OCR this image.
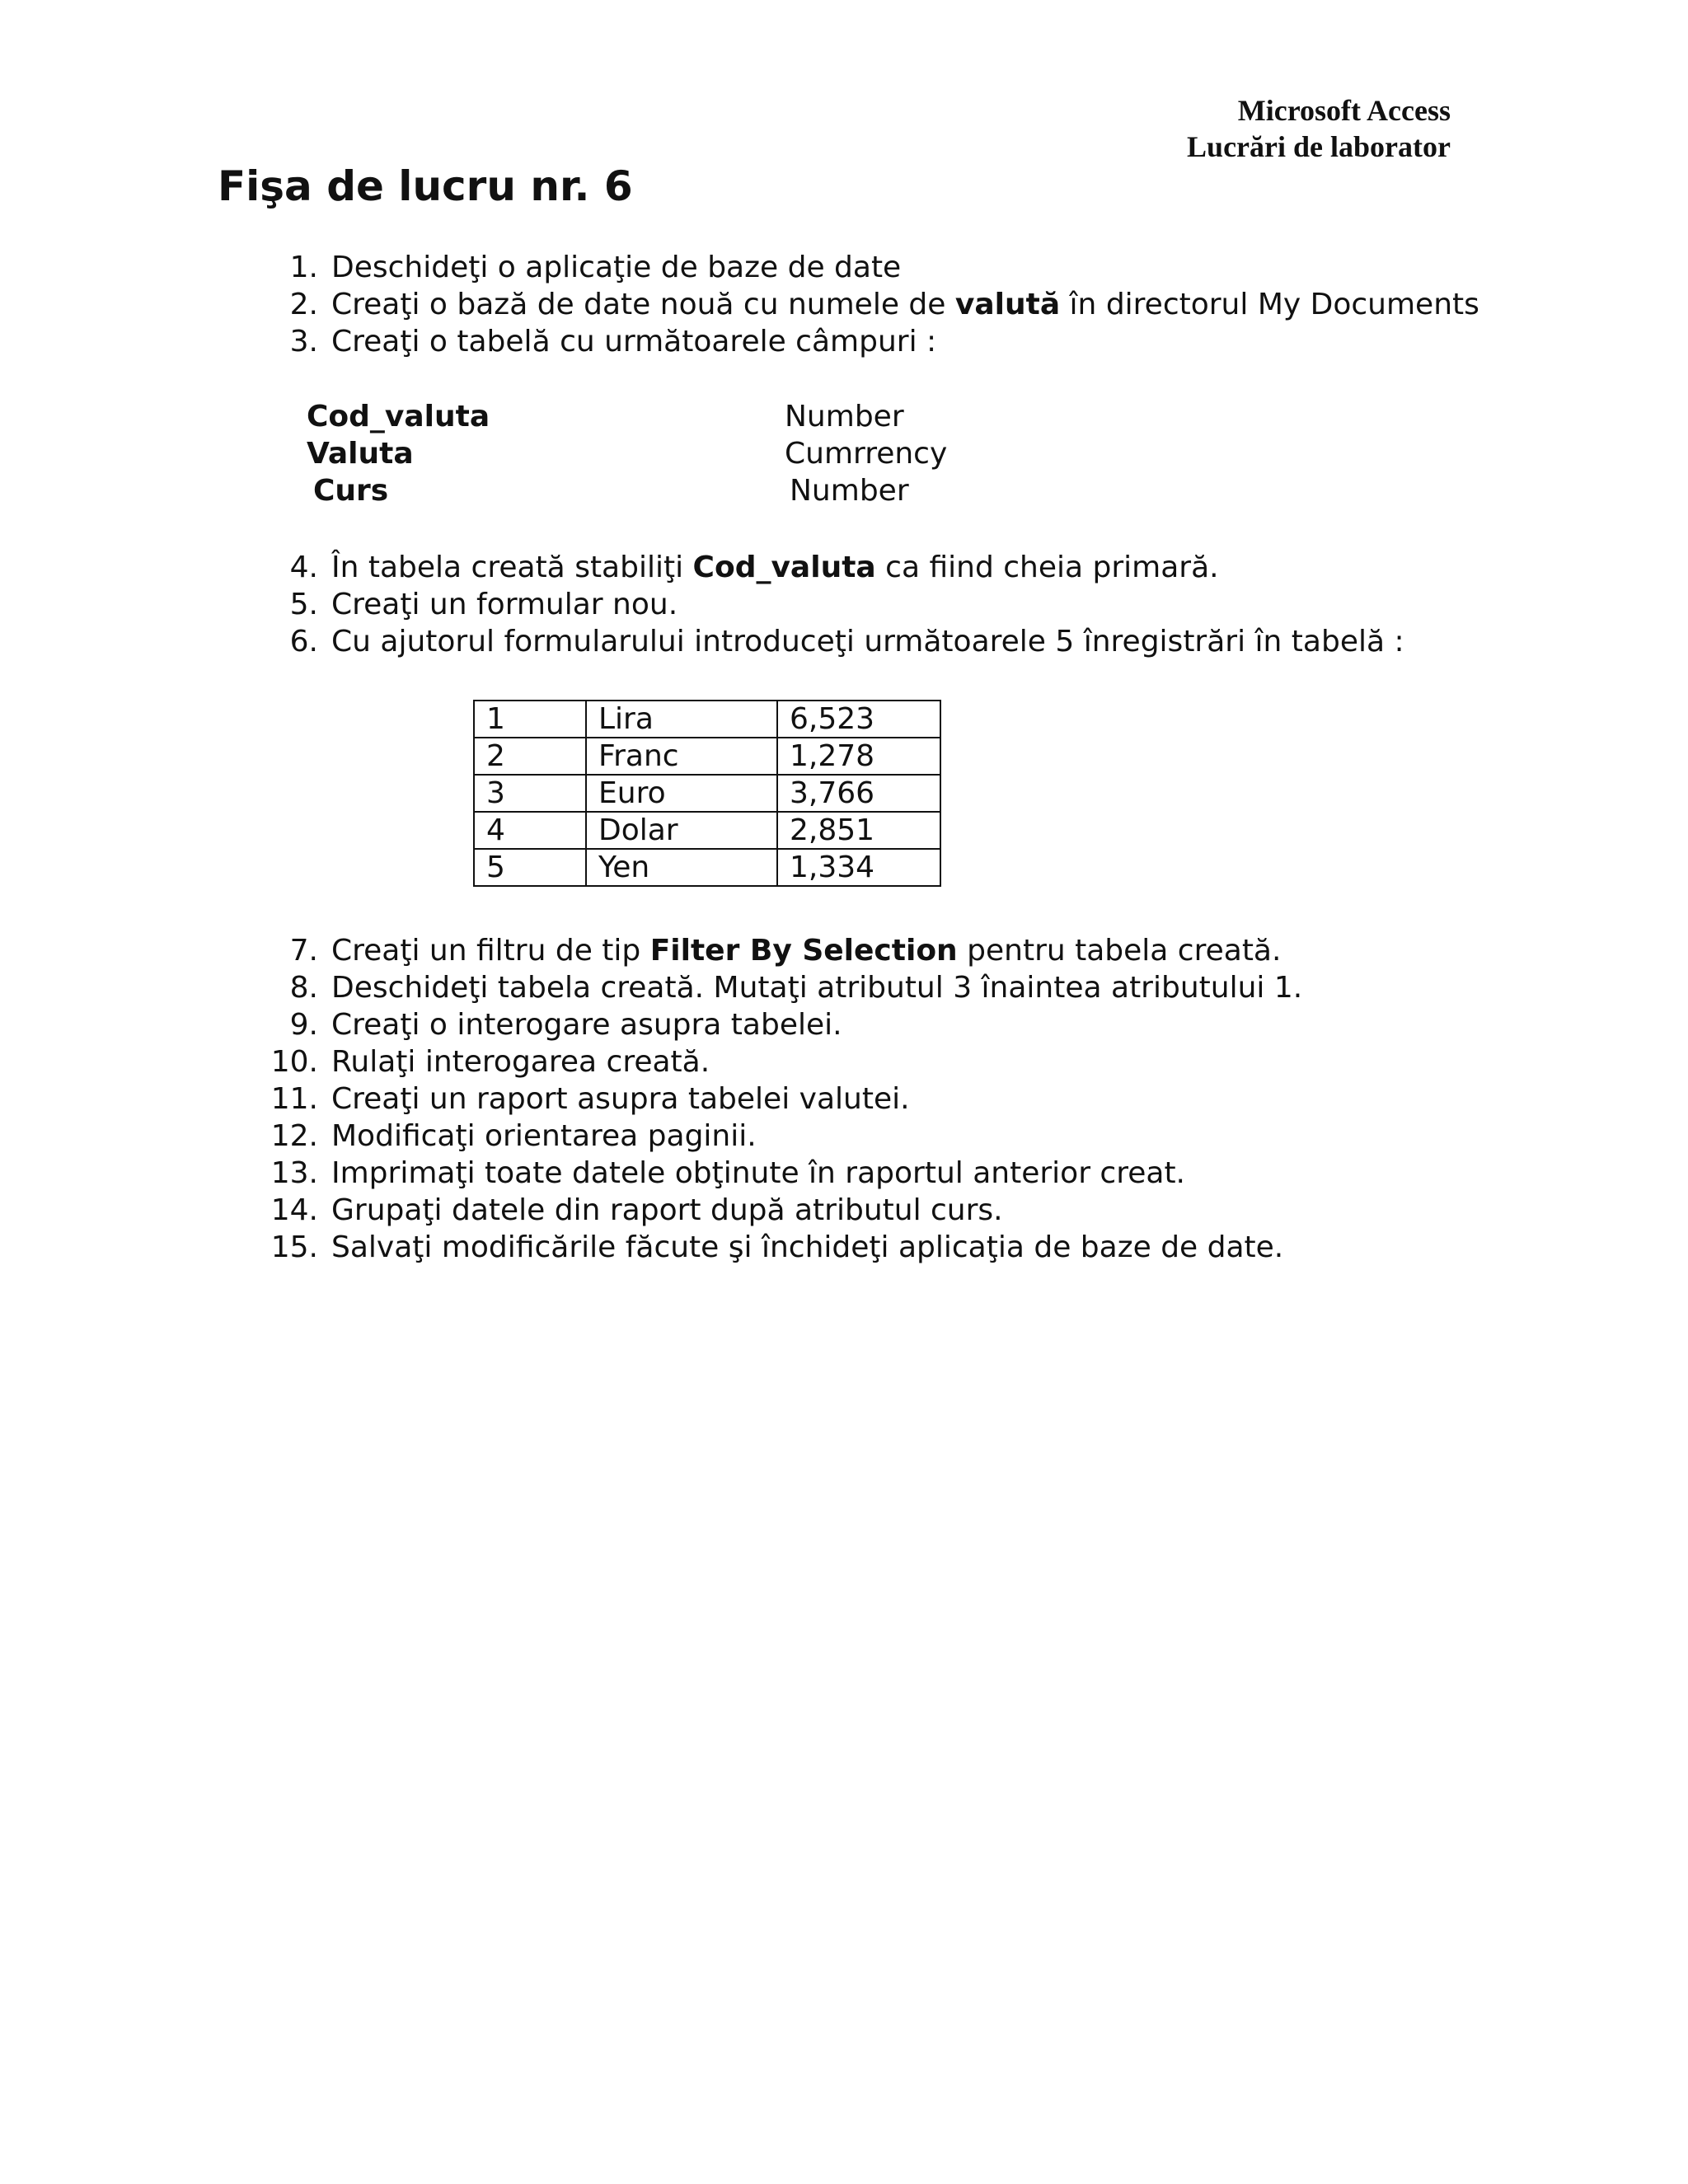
Microsoft Access
Lucrări de laborator
Fişa de lucru nr. 6
1. Deschideţi o aplicaţie de baze de date
2. Creaţi o bază de date nouă cu numele de valută în directorul My Documents
3. Creaţi o tabelă cu următoarele câmpuri :
Cod_valuta	Number
Valuta	Cumrrency
Curs	Number
4. În tabela creată stabiliţi Cod_valuta ca fiind cheia primară.
5. Creaţi un formular nou.
6. Cu ajutorul formularului introduceţi următoarele 5 înregistrări în tabelă :
1	Lira	6,523
2	Franc	1,278
3	Euro	3,766
4	Dolar	2,851
5	Yen	1,334
7. Creaţi un filtru de tip Filter By Selection pentru tabela creată.
8. Deschideţi tabela creată. Mutaţi atributul 3 înaintea atributului 1.
9. Creaţi o interogare asupra tabelei.
10. Rulaţi interogarea creată.
11. Creaţi un raport asupra tabelei valutei.
12. Modificaţi orientarea paginii.
13. Imprimaţi toate datele obţinute în raportul anterior creat.
14. Grupaţi datele din raport după atributul curs.
15. Salvaţi modificările făcute şi închideţi aplicaţia de baze de date.
